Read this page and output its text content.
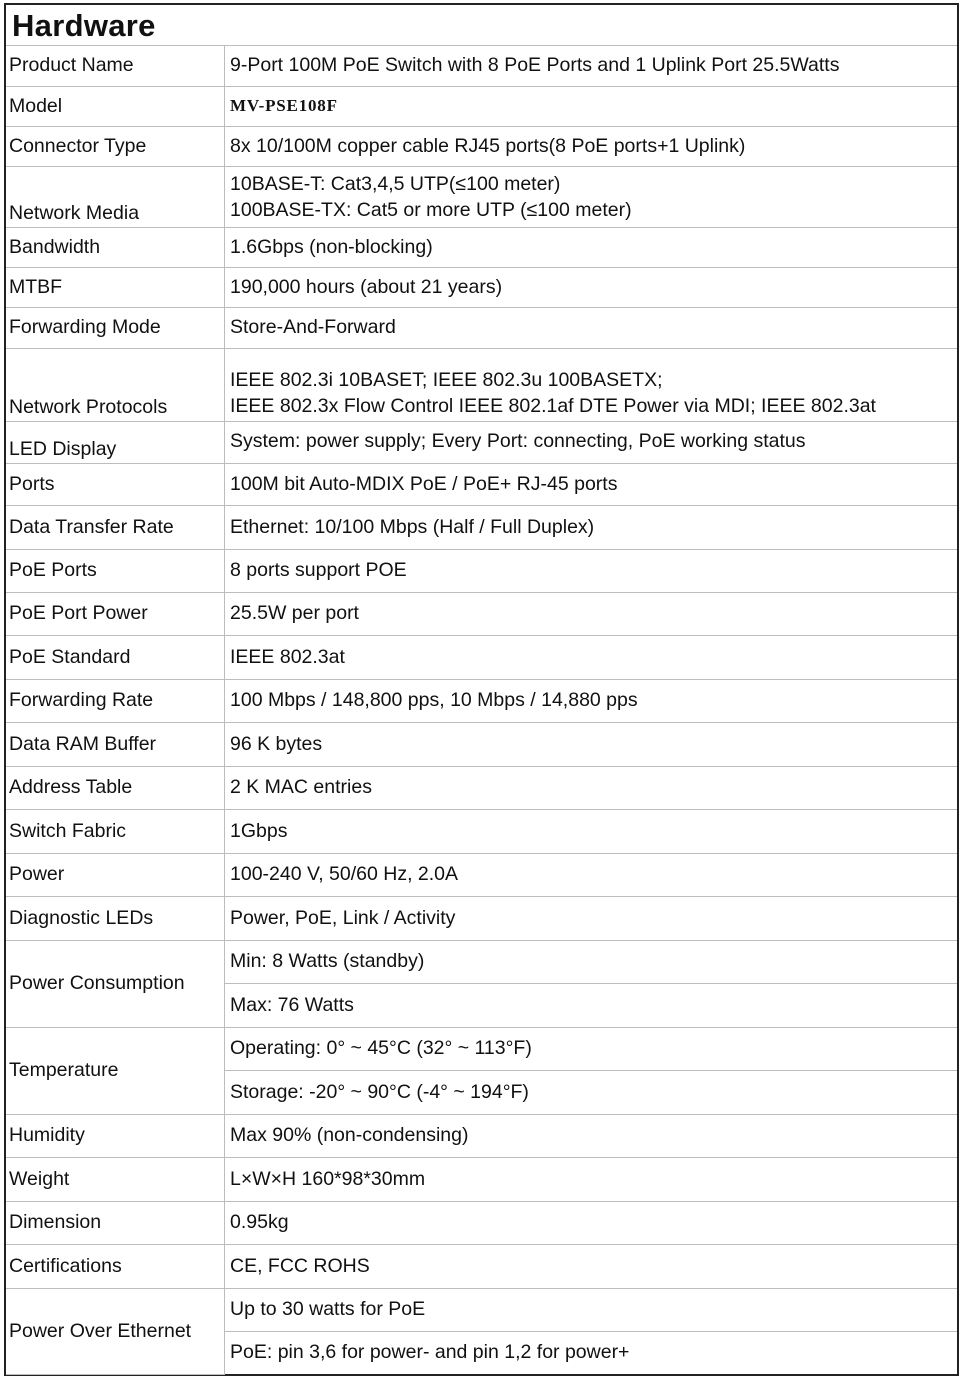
Hardware
Product Name	9-Port 100M PoE Switch with 8 PoE Ports and 1 Uplink Port 25.5Watts
Model	MV-PSE108F
Connector Type	8x 10/100M copper cable RJ45 ports(8 PoE ports+1 Uplink)
Network Media	10BASE-T: Cat3,4,5 UTP(≤100 meter)
100BASE-TX: Cat5 or more UTP (≤100 meter)

Bandwidth	1.6Gbps (non-blocking)
MTBF	190,000 hours (about 21 years)
Forwarding Mode	Store-And-Forward
Network Protocols	IEEE 802.3i 10BASET; IEEE 802.3u 100BASETX;
IEEE 802.3x Flow Control IEEE 802.1af DTE Power via MDI; IEEE 802.3at

LED Display	System: power supply; Every Port: connecting, PoE working status
Ports	100M bit Auto-MDIX PoE / PoE+ RJ-45 ports
Data Transfer Rate	Ethernet: 10/100 Mbps (Half / Full Duplex)
PoE Ports	8 ports support POE
PoE Port Power	25.5W per port
PoE Standard	IEEE 802.3at
Forwarding Rate	100 Mbps / 148,800 pps, 10 Mbps / 14,880 pps
Data RAM Buffer	96 K bytes
Address Table	2 K MAC entries
Switch Fabric	1Gbps
Power	100-240 V, 50/60 Hz, 2.0A
Diagnostic LEDs	Power, PoE, Link / Activity
Power Consumption	Min: 8 Watts (standby)
	Max: 76 Watts
Temperature	Operating: 0° ~ 45°C (32° ~ 113°F)
	Storage: -20° ~ 90°C (-4° ~ 194°F)
Humidity	Max 90% (non-condensing)
Weight	L×W×H 160*98*30mm
Dimension	0.95kg
Certifications	CE, FCC ROHS
Power Over Ethernet	Up to 30 watts for PoE
	PoE: pin 3,6 for power- and pin 1,2 for power+
